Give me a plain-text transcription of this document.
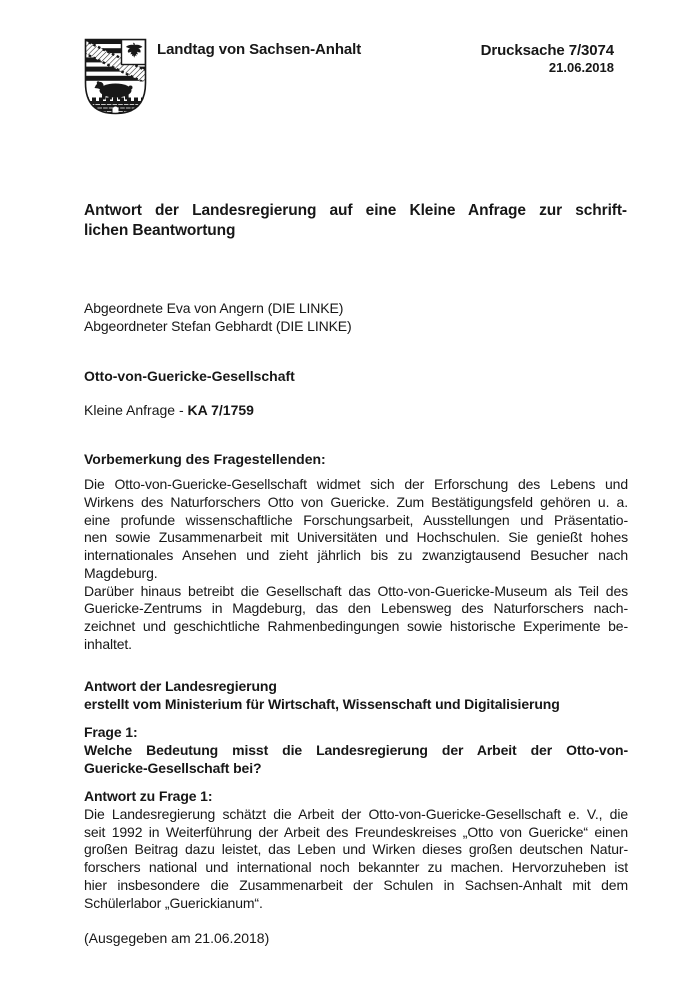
Landtag von Sachsen-Anhalt	Drucksache 7/3074
21.06.2018
Antwort der Landesregierung auf eine Kleine Anfrage zur schrift-
lichen Beantwortung
Abgeordnete Eva von Angern (DIE LINKE)
Abgeordneter Stefan Gebhardt (DIE LINKE)
Otto-von-Guericke-Gesellschaft
Kleine Anfrage - KA 7/1759
Vorbemerkung des Fragestellenden:
Die Otto-von-Guericke-Gesellschaft widmet sich der Erforschung des Lebens und
Wirkens des Naturforschers Otto von Guericke. Zum Bestätigungsfeld gehören u. a.
eine profunde wissenschaftliche Forschungsarbeit, Ausstellungen und Präsentatio-
nen sowie Zusammenarbeit mit Universitäten und Hochschulen. Sie genießt hohes
internationales Ansehen und zieht jährlich bis zu zwanzigtausend Besucher nach
Magdeburg.
Darüber hinaus betreibt die Gesellschaft das Otto-von-Guericke-Museum als Teil des
Guericke-Zentrums in Magdeburg, das den Lebensweg des Naturforschers nach-
zeichnet und geschichtliche Rahmenbedingungen sowie historische Experimente be-
inhaltet.
Antwort der Landesregierung
erstellt vom Ministerium für Wirtschaft, Wissenschaft und Digitalisierung
Frage 1:
Welche Bedeutung misst die Landesregierung der Arbeit der Otto-von-
Guericke-Gesellschaft bei?
Antwort zu Frage 1:
Die Landesregierung schätzt die Arbeit der Otto-von-Guericke-Gesellschaft e. V., die
seit 1992 in Weiterführung der Arbeit des Freundeskreises „Otto von Guericke“ einen
großen Beitrag dazu leistet, das Leben und Wirken dieses großen deutschen Natur-
forschers national und international noch bekannter zu machen. Hervorzuheben ist
hier insbesondere die Zusammenarbeit der Schulen in Sachsen-Anhalt mit dem
Schülerlabor „Guerickianum“.
(Ausgegeben am 21.06.2018)
